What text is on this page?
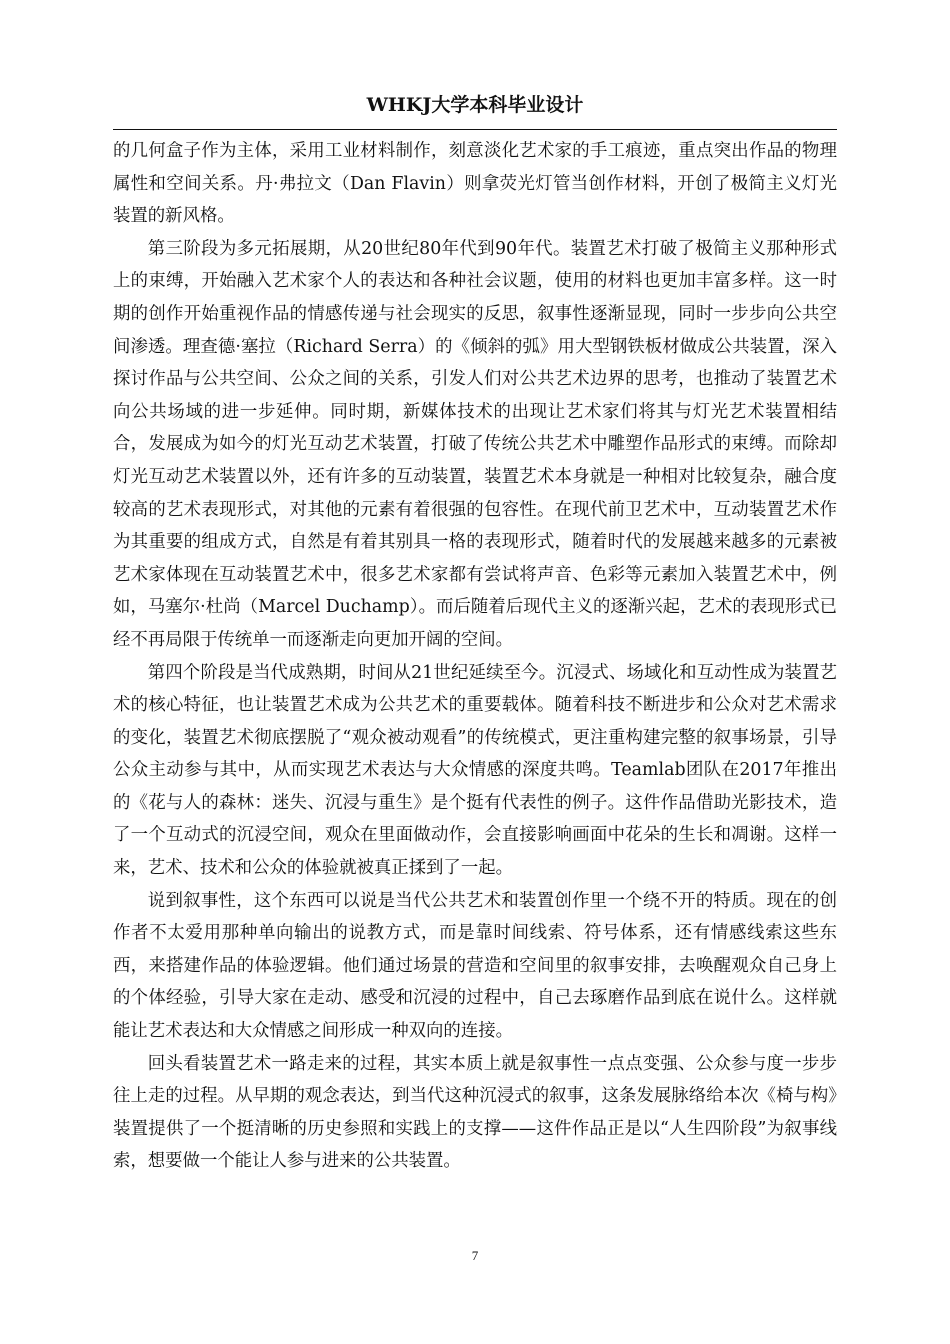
WHKJ大学本科毕业设计

的几何盒子作为主体，采用工业材料制作，刻意淡化艺术家的手工痕迹，重点突出作品的物理属性和空间关系。丹·弗拉文（Dan Flavin）则拿荧光灯管当创作材料，开创了极简主义灯光装置的新风格。

第三阶段为多元拓展期，从20世纪80年代到90年代。装置艺术打破了极简主义那种形式上的束缚，开始融入艺术家个人的表达和各种社会议题，使用的材料也更加丰富多样。这一时期的创作开始重视作品的情感传递与社会现实的反思，叙事性逐渐显现，同时一步步向公共空间渗透。理查德·塞拉（Richard Serra）的《倾斜的弧》用大型钢铁板材做成公共装置，深入探讨作品与公共空间、公众之间的关系，引发人们对公共艺术边界的思考，也推动了装置艺术向公共场域的进一步延伸。同时期，新媒体技术的出现让艺术家们将其与灯光艺术装置相结合，发展成为如今的灯光互动艺术装置，打破了传统公共艺术中雕塑作品形式的束缚。而除却灯光互动艺术装置以外，还有许多的互动装置，装置艺术本身就是一种相对比较复杂，融合度较高的艺术表现形式，对其他的元素有着很强的包容性。在现代前卫艺术中，互动装置艺术作为其重要的组成方式，自然是有着其别具一格的表现形式，随着时代的发展越来越多的元素被艺术家体现在互动装置艺术中，很多艺术家都有尝试将声音、色彩等元素加入装置艺术中，例如，马塞尔·杜尚（Marcel Duchamp）。而后随着后现代主义的逐渐兴起，艺术的表现形式已经不再局限于传统单一而逐渐走向更加开阔的空间。

第四个阶段是当代成熟期，时间从21世纪延续至今。沉浸式、场域化和互动性成为装置艺术的核心特征，也让装置艺术成为公共艺术的重要载体。随着科技不断进步和公众对艺术需求的变化，装置艺术彻底摆脱了“观众被动观看”的传统模式，更注重构建完整的叙事场景，引导公众主动参与其中，从而实现艺术表达与大众情感的深度共鸣。Teamlab团队在2017年推出的《花与人的森林：迷失、沉浸与重生》是个挺有代表性的例子。这件作品借助光影技术，造了一个互动式的沉浸空间，观众在里面做动作，会直接影响画面中花朵的生长和凋谢。这样一来，艺术、技术和公众的体验就被真正揉到了一起。

说到叙事性，这个东西可以说是当代公共艺术和装置创作里一个绕不开的特质。现在的创作者不太爱用那种单向输出的说教方式，而是靠时间线索、符号体系，还有情感线索这些东西，来搭建作品的体验逻辑。他们通过场景的营造和空间里的叙事安排，去唤醒观众自己身上的个体经验，引导大家在走动、感受和沉浸的过程中，自己去琢磨作品到底在说什么。这样就能让艺术表达和大众情感之间形成一种双向的连接。

回头看装置艺术一路走来的过程，其实本质上就是叙事性一点点变强、公众参与度一步步往上走的过程。从早期的观念表达，到当代这种沉浸式的叙事，这条发展脉络给本次《椅与构》装置提供了一个挺清晰的历史参照和实践上的支撑——这件作品正是以“人生四阶段”为叙事线索，想要做一个能让人参与进来的公共装置。

7
